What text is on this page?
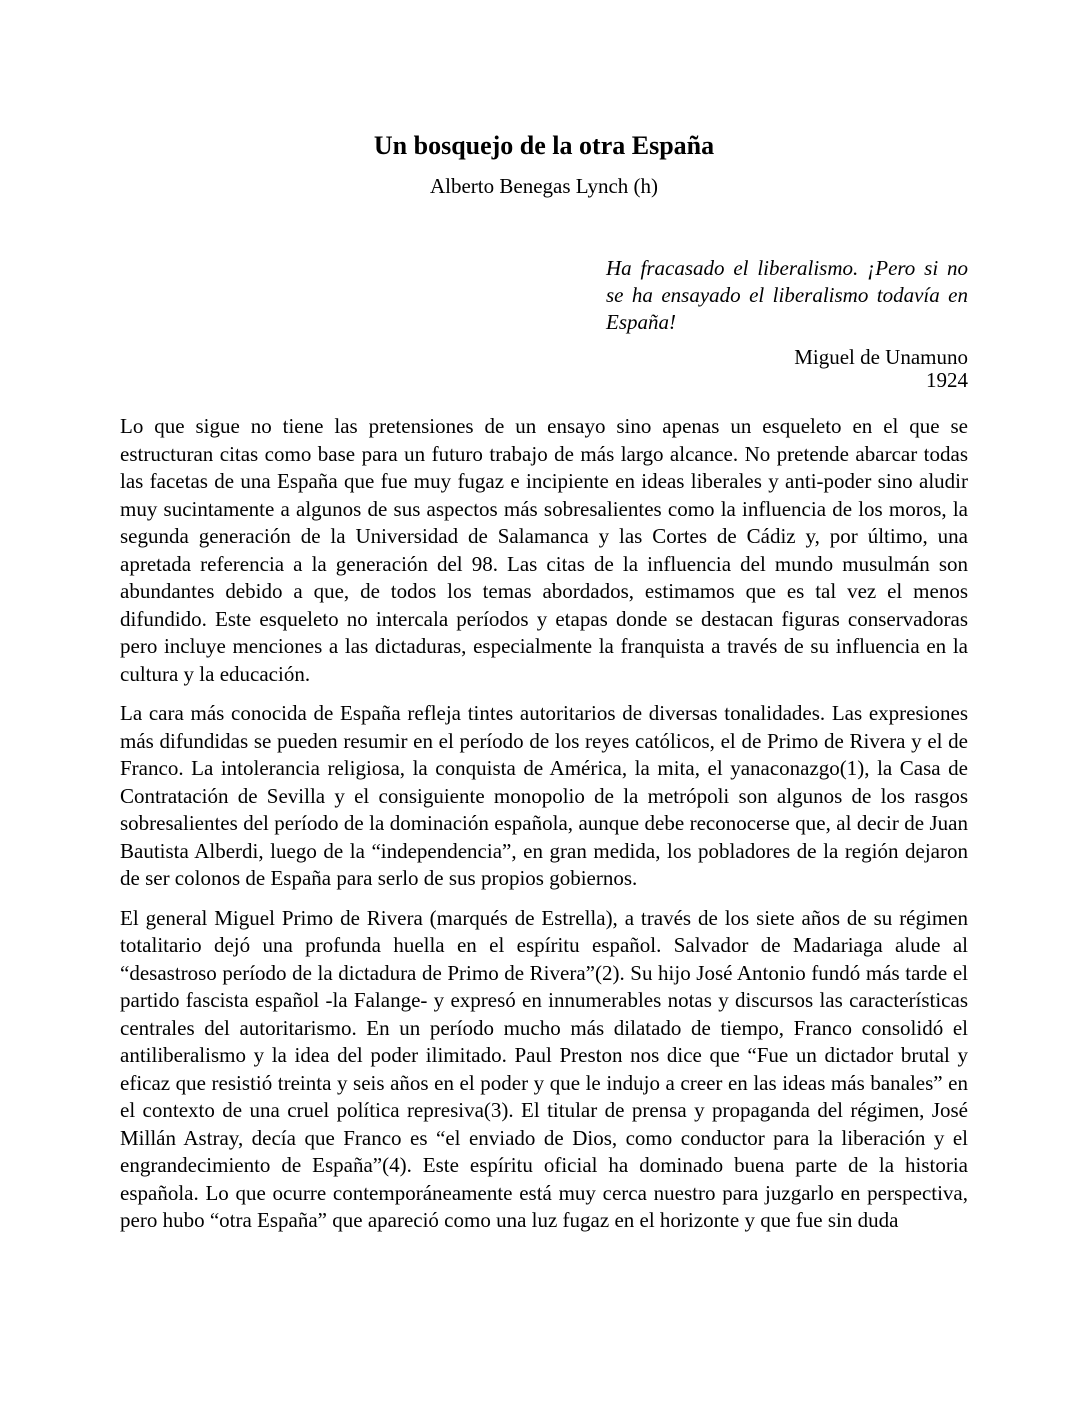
Un bosquejo de la otra España
Alberto Benegas Lynch (h)
Ha fracasado el liberalismo. ¡Pero si no se ha ensayado el liberalismo todavía en España!
Miguel de Unamuno
1924

Lo que sigue no tiene las pretensiones de un ensayo sino apenas un esqueleto en el que se estructuran citas como base para un futuro trabajo de más largo alcance. No pretende abarcar todas las facetas de una España que fue muy fugaz e incipiente en ideas liberales y anti-poder sino aludir muy sucintamente a algunos de sus aspectos más sobresalientes como la influencia de los moros, la segunda generación de la Universidad de Salamanca y las Cortes de Cádiz y, por último, una apretada referencia a la generación del 98. Las citas de la influencia del mundo musulmán son abundantes debido a que, de todos los temas abordados, estimamos que es tal vez el menos difundido. Este esqueleto no intercala períodos y etapas donde se destacan figuras conservadoras pero incluye menciones a las dictaduras, especialmente la franquista a través de su influencia en la cultura y la educación.

La cara más conocida de España refleja tintes autoritarios de diversas tonalidades. Las expresiones más difundidas se pueden resumir en el período de los reyes católicos, el de Primo de Rivera y el de Franco. La intolerancia religiosa, la conquista de América, la mita, el yanaconazgo(1), la Casa de Contratación de Sevilla y el consiguiente monopolio de la metrópoli son algunos de los rasgos sobresalientes del período de la dominación española, aunque debe reconocerse que, al decir de Juan Bautista Alberdi, luego de la “independencia”, en gran medida, los pobladores de la región dejaron de ser colonos de España para serlo de sus propios gobiernos.

El general Miguel Primo de Rivera (marqués de Estrella), a través de los siete años de su régimen totalitario dejó una profunda huella en el espíritu español. Salvador de Madariaga alude al “desastroso período de la dictadura de Primo de Rivera”(2). Su hijo José Antonio fundó más tarde el partido fascista español -la Falange- y expresó en innumerables notas y discursos las características centrales del autoritarismo. En un período mucho más dilatado de tiempo, Franco consolidó el antiliberalismo y la idea del poder ilimitado. Paul Preston nos dice que “Fue un dictador brutal y eficaz que resistió treinta y seis años en el poder y que le indujo a creer en las ideas más banales” en el contexto de una cruel política represiva(3). El titular de prensa y propaganda del régimen, José Millán Astray, decía que Franco es “el enviado de Dios, como conductor para la liberación y el engrandecimiento de España”(4). Este espíritu oficial ha dominado buena parte de la historia española. Lo que ocurre contemporáneamente está muy cerca nuestro para juzgarlo en perspectiva, pero hubo “otra España” que apareció como una luz fugaz en el horizonte y que fue sin duda
